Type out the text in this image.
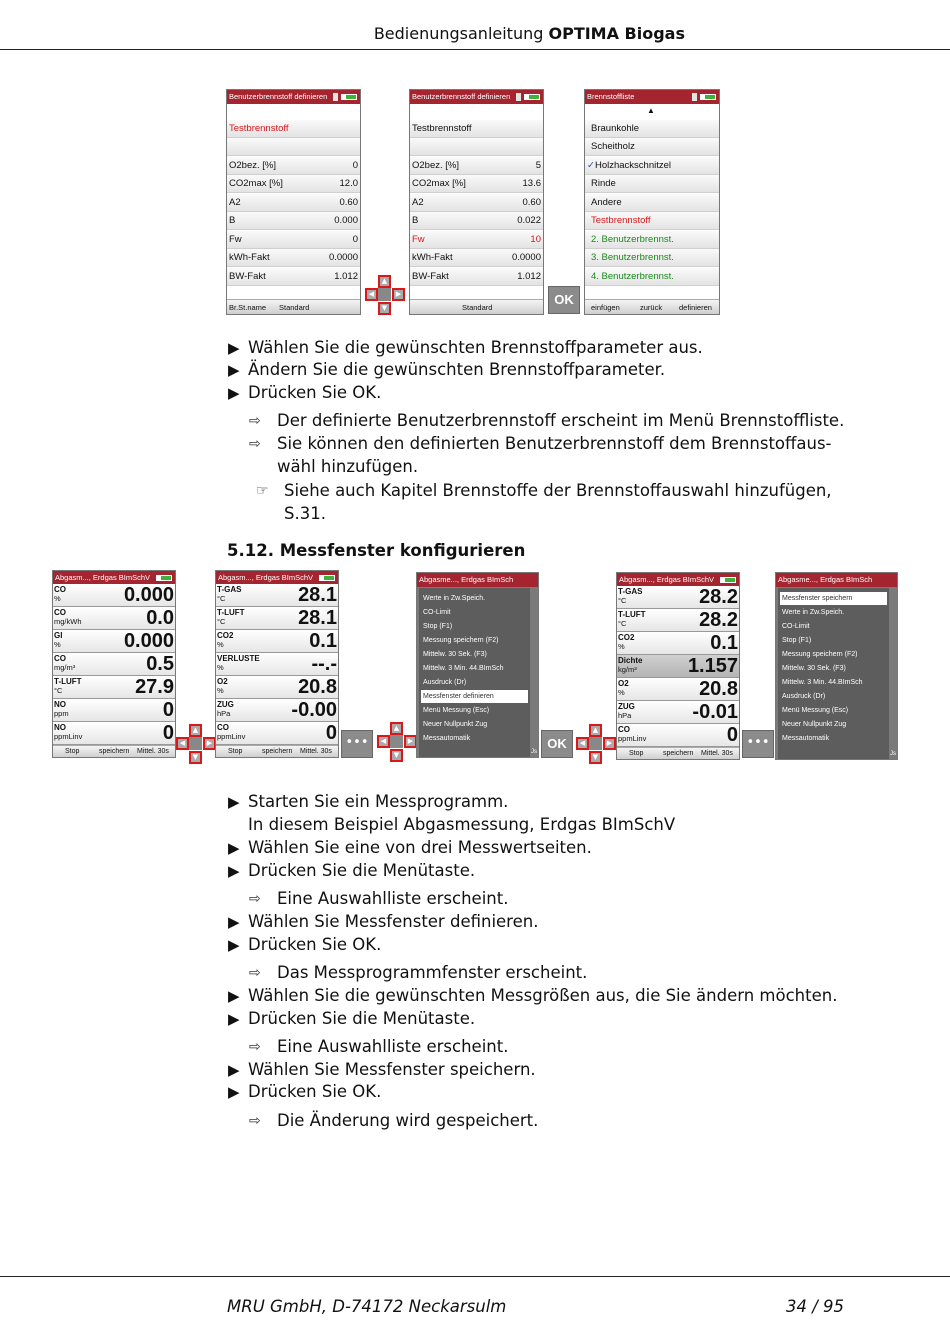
Bedienungsanleitung OPTIMA Biogas
Benutzerbrennstoff definieren
Testbrennstoff
O2bez. [%]	0
CO2max [%]	12.0
A2	0.60
B	0.000
Fw	0
kWh-Fakt	0.0000
BW-Fakt	1.012
Br.St.name Standard
▲
◀	▶
▼
Benutzerbrennstoff definieren
Testbrennstoff
O2bez. [%]	5
CO2max [%]	13.6
A2	0.60
B	0.022
Fw	10
kWh-Fakt	0.0000
BW-Fakt	1.012
Standard
OK
Brennstoffliste
▲
Braunkohle
Scheitholz
✓Holzhackschnitzel
Rinde
Andere
Testbrennstoff
2. Benutzerbrennst.
3. Benutzerbrennst.
4. Benutzerbrennst.
einfügen	zurück definieren
▶ Wählen Sie die gewünschten Brennstoffparameter aus.
▶ Ändern Sie die gewünschten Brennstoffparameter.
▶ Drücken Sie OK.
⇨ Der definierte Benutzerbrennstoff erscheint im Menü Brennstoffliste.
⇨ Sie können den definierten Benutzerbrennstoff dem Brennstoffaus-
wähl hinzufügen.
☞ Siehe auch Kapitel Brennstoffe der Brennstoffauswahl hinzufügen,
S.31.
5.12. Messfenster konfigurieren
Abgasm..., Erdgas BImSchV
CO
%	0.000
CO
mg/kWh	0.0
GI
%	0.000
CO
mg/m³	0.5
T-LUFT
°C	27.9
NO
ppm	0
NO
ppmLinv	0
Stop	speichern Mittel. 30s
▲
◀	▶
▼
Abgasm..., Erdgas BImSchV
T-GAS
°C	28.1
T-LUFT
°C	28.1
CO2
%	0.1
VERLUSTE
%	--.-
O2
%	20.8
ZUG
hPa	-0.00
CO
ppmLinv	0
Stop	speichern Mittel. 30s
•••
▲
◀	▶
▼
Abgasme..., Erdgas BImSch
Werte in Zw.Speich.
CO-Limit
Stop (F1)
Messung speichern (F2)
Mittelw. 30 Sek. (F3)
Mittelw. 3 Min. 44.BImSch
Ausdruck (Dr)
Messfenster definieren
Menü Messung (Esc)
Neuer Nullpunkt Zug
Messautomatik
Js
OK
▲
◀	▶
▼
Abgasm..., Erdgas BImSchV
T-GAS
°C	28.2
T-LUFT
°C	28.2
CO2
%	0.1
Dichte
kg/m³	1.157
O2
%	20.8
ZUG
hPa	-0.01
CO
ppmLinv	0
Stop	speichern Mittel. 30s
•••
Abgasme..., Erdgas BImSch
Messfenster speichern
Werte in Zw.Speich.
CO-Limit
Stop (F1)
Messung speichern (F2)
Mittelw. 30 Sek. (F3)
Mittelw. 3 Min. 44.BImSch
Ausdruck (Dr)
Menü Messung (Esc)
Neuer Nullpunkt Zug
Messautomatik
Js
▶ Starten Sie ein Messprogramm.
In diesem Beispiel Abgasmessung, Erdgas BImSchV
▶ Wählen Sie eine von drei Messwertseiten.
▶ Drücken Sie die Menütaste.
⇨ Eine Auswahlliste erscheint.
▶ Wählen Sie Messfenster definieren.
▶ Drücken Sie OK.
⇨ Das Messprogrammfenster erscheint.
▶ Wählen Sie die gewünschten Messgrößen aus, die Sie ändern möchten.
▶ Drücken Sie die Menütaste.
⇨ Eine Auswahlliste erscheint.
▶ Wählen Sie Messfenster speichern.
▶ Drücken Sie OK.
⇨ Die Änderung wird gespeichert.
MRU GmbH, D-74172 Neckarsulm	34 / 95
